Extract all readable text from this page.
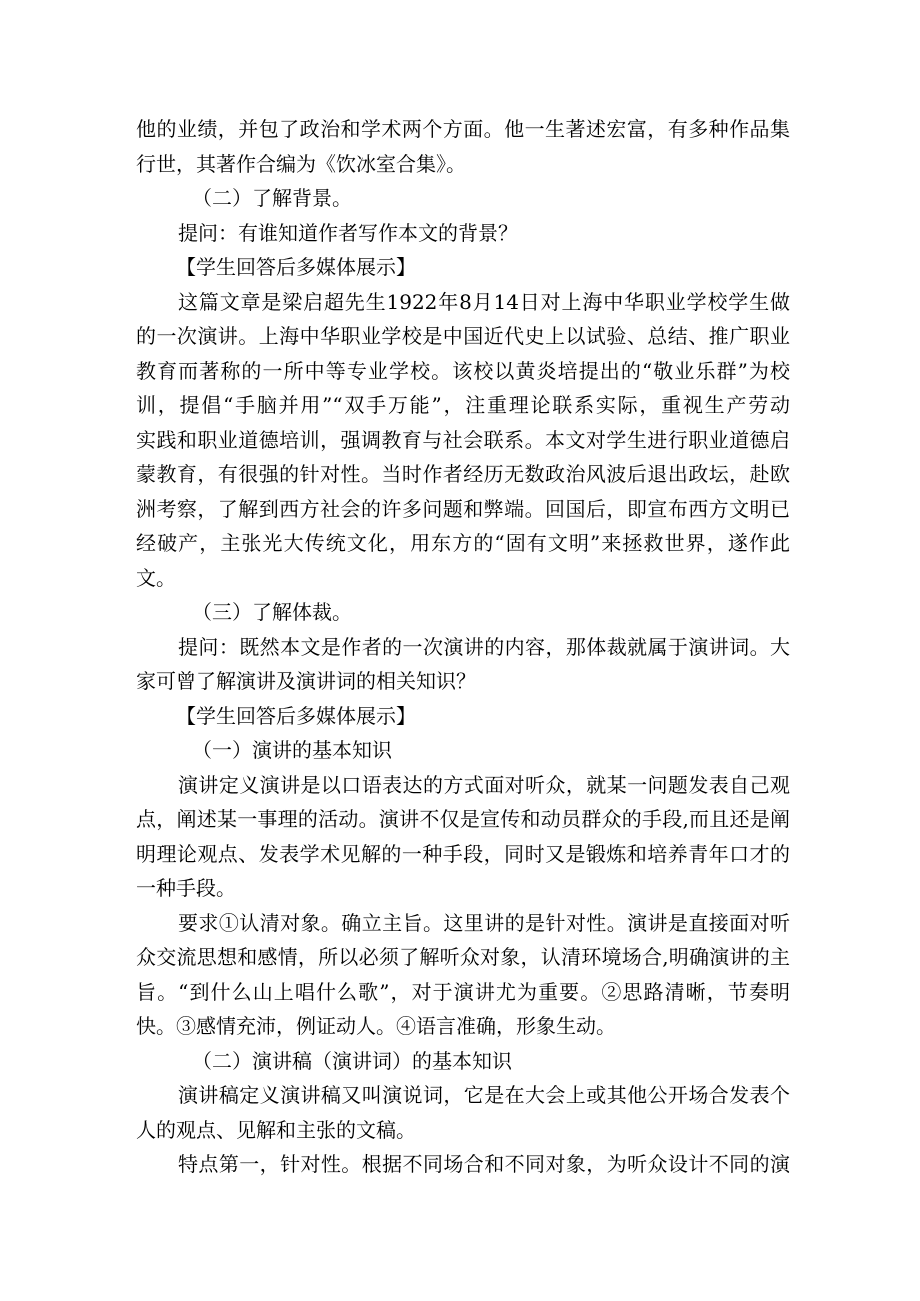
他的业绩，并包了政治和学术两个方面。他一生著述宏富，有多种作品集
行世，其著作合编为《饮冰室合集》。
（二）了解背景。
提问：有谁知道作者写作本文的背景？
【学生回答后多媒体展示】
这篇文章是梁启超先生1922年8月14日对上海中华职业学校学生做
的一次演讲。上海中华职业学校是中国近代史上以试验、总结、推广职业
教育而著称的一所中等专业学校。该校以黄炎培提出的“敬业乐群”为校
训，提倡“手脑并用”“双手万能”，注重理论联系实际，重视生产劳动
实践和职业道德培训，强调教育与社会联系。本文对学生进行职业道德启
蒙教育，有很强的针对性。当时作者经历无数政治风波后退出政坛，赴欧
洲考察，了解到西方社会的许多问题和弊端。回国后，即宣布西方文明已
经破产，主张光大传统文化，用东方的“固有文明”来拯救世界，遂作此
文。
（三）了解体裁。
提问：既然本文是作者的一次演讲的内容，那体裁就属于演讲词。大
家可曾了解演讲及演讲词的相关知识？
【学生回答后多媒体展示】
（一）演讲的基本知识
演讲定义演讲是以口语表达的方式面对听众，就某一问题发表自己观
点，阐述某一事理的活动。演讲不仅是宣传和动员群众的手段,而且还是阐
明理论观点、发表学术见解的一种手段，同时又是锻炼和培养青年口才的
一种手段。
要求①认清对象。确立主旨。这里讲的是针对性。演讲是直接面对听
众交流思想和感情，所以必须了解听众对象，认清环境场合,明确演讲的主
旨。“到什么山上唱什么歌”，对于演讲尤为重要。②思路清晰，节奏明
快。③感情充沛，例证动人。④语言准确，形象生动。
（二）演讲稿（演讲词）的基本知识
演讲稿定义演讲稿又叫演说词，它是在大会上或其他公开场合发表个
人的观点、见解和主张的文稿。
特点第一，针对性。根据不同场合和不同对象，为听众设计不同的演
